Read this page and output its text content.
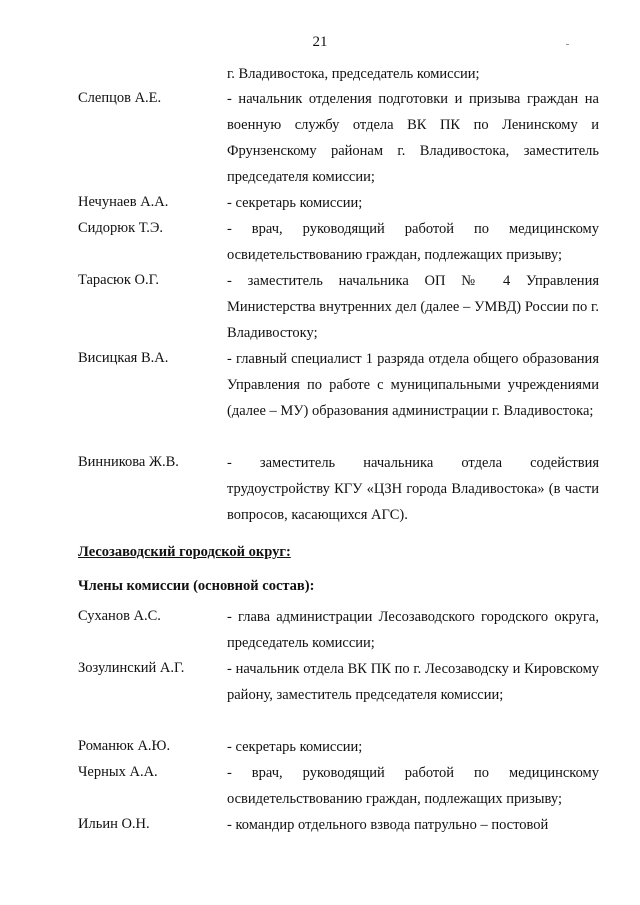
21
г. Владивостока, председатель комиссии;
Слепцов А.Е.	- начальник отделения подготовки и призыва граждан на военную службу отдела ВК ПК по Ленинскому и Фрунзенскому районам г. Владивостока, заместитель председателя комиссии;
Нечунаев А.А.	- секретарь комиссии;
Сидорюк Т.Э.	- врач, руководящий работой по медицинскому освидетельствованию граждан, подлежащих призыву;
Тарасюк О.Г.	- заместитель начальника ОП № 4 Управления Министерства внутренних дел (далее – УМВД) России по г. Владивостоку;
Висицкая В.А.	- главный специалист 1 разряда отдела общего образования Управления по работе с муниципальными учреждениями (далее – МУ) образования администрации г. Владивостока;
Винникова Ж.В.	- заместитель начальника отдела содействия трудоустройству КГУ «ЦЗН города Владивостока» (в части вопросов, касающихся АГС).
Лесозаводский городской округ:
Члены комиссии (основной состав):
Суханов А.С.	- глава администрации Лесозаводского городского округа, председатель комиссии;
Зозулинский А.Г.	- начальник отдела ВК ПК по г. Лесозаводску и Кировскому району, заместитель председателя комиссии;
Романюк А.Ю.	- секретарь комиссии;
Черных А.А.	- врач, руководящий работой по медицинскому освидетельствованию граждан, подлежащих призыву;
Ильин О.Н.	- командир отдельного взвода патрульно – постовой
